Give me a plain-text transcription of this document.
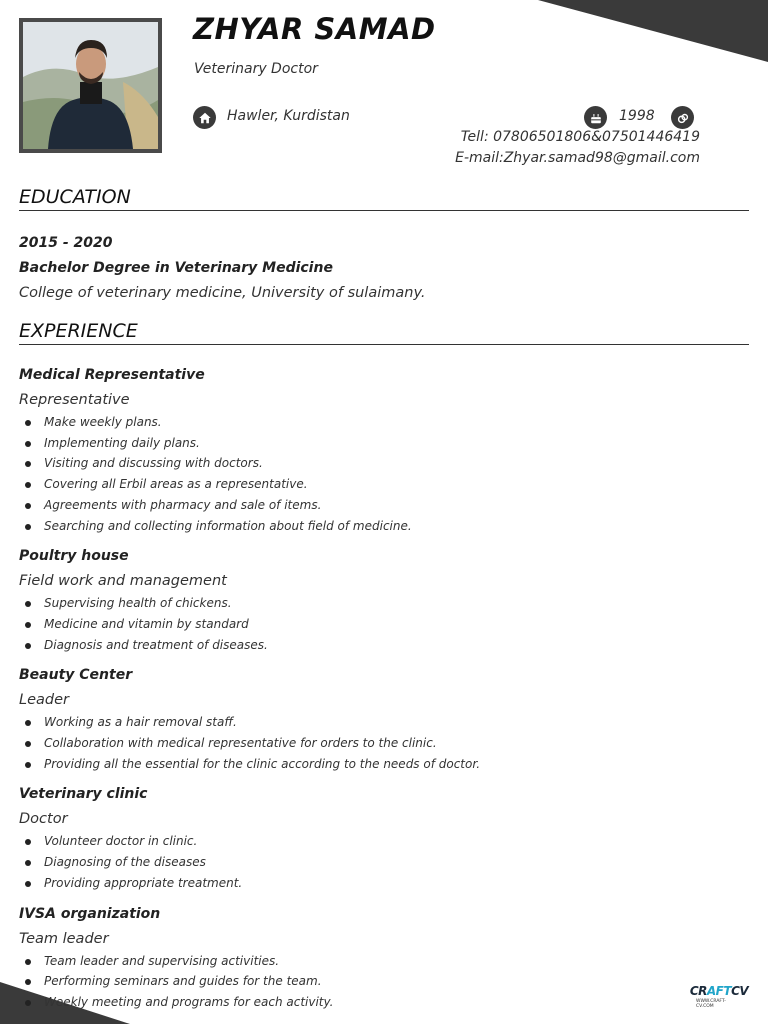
ZHYAR SAMAD
Veterinary Doctor
Hawler, Kurdistan	1998
Tell: 07806501806&07501446419
E-mail:Zhyar.samad98@gmail.com
EDUCATION
2015 - 2020
Bachelor Degree in Veterinary Medicine
College of veterinary medicine, University of sulaimany.
EXPERIENCE
Medical Representative
Representative
Make weekly plans.
Implementing daily plans.
Visiting and discussing with doctors.
Covering all Erbil areas as a representative.
Agreements with pharmacy and sale of items.
Searching and collecting information about field of medicine.
Poultry house
Field work and management
Supervising health of chickens.
Medicine and vitamin by standard
Diagnosis and treatment of diseases.
Beauty Center
Leader
Working as a hair removal staff.
Collaboration with medical representative for orders to the clinic.
Providing all the essential for the clinic according to the needs of doctor.
Veterinary clinic
Doctor
Volunteer doctor in clinic.
Diagnosing of the diseases
Providing appropriate treatment.
IVSA organization
Team leader
Team leader and supervising activities.
Performing seminars and guides for the team.
Weekly meeting and programs for each activity.
CRAFTCV
WWW.CRAFT-CV.COM
